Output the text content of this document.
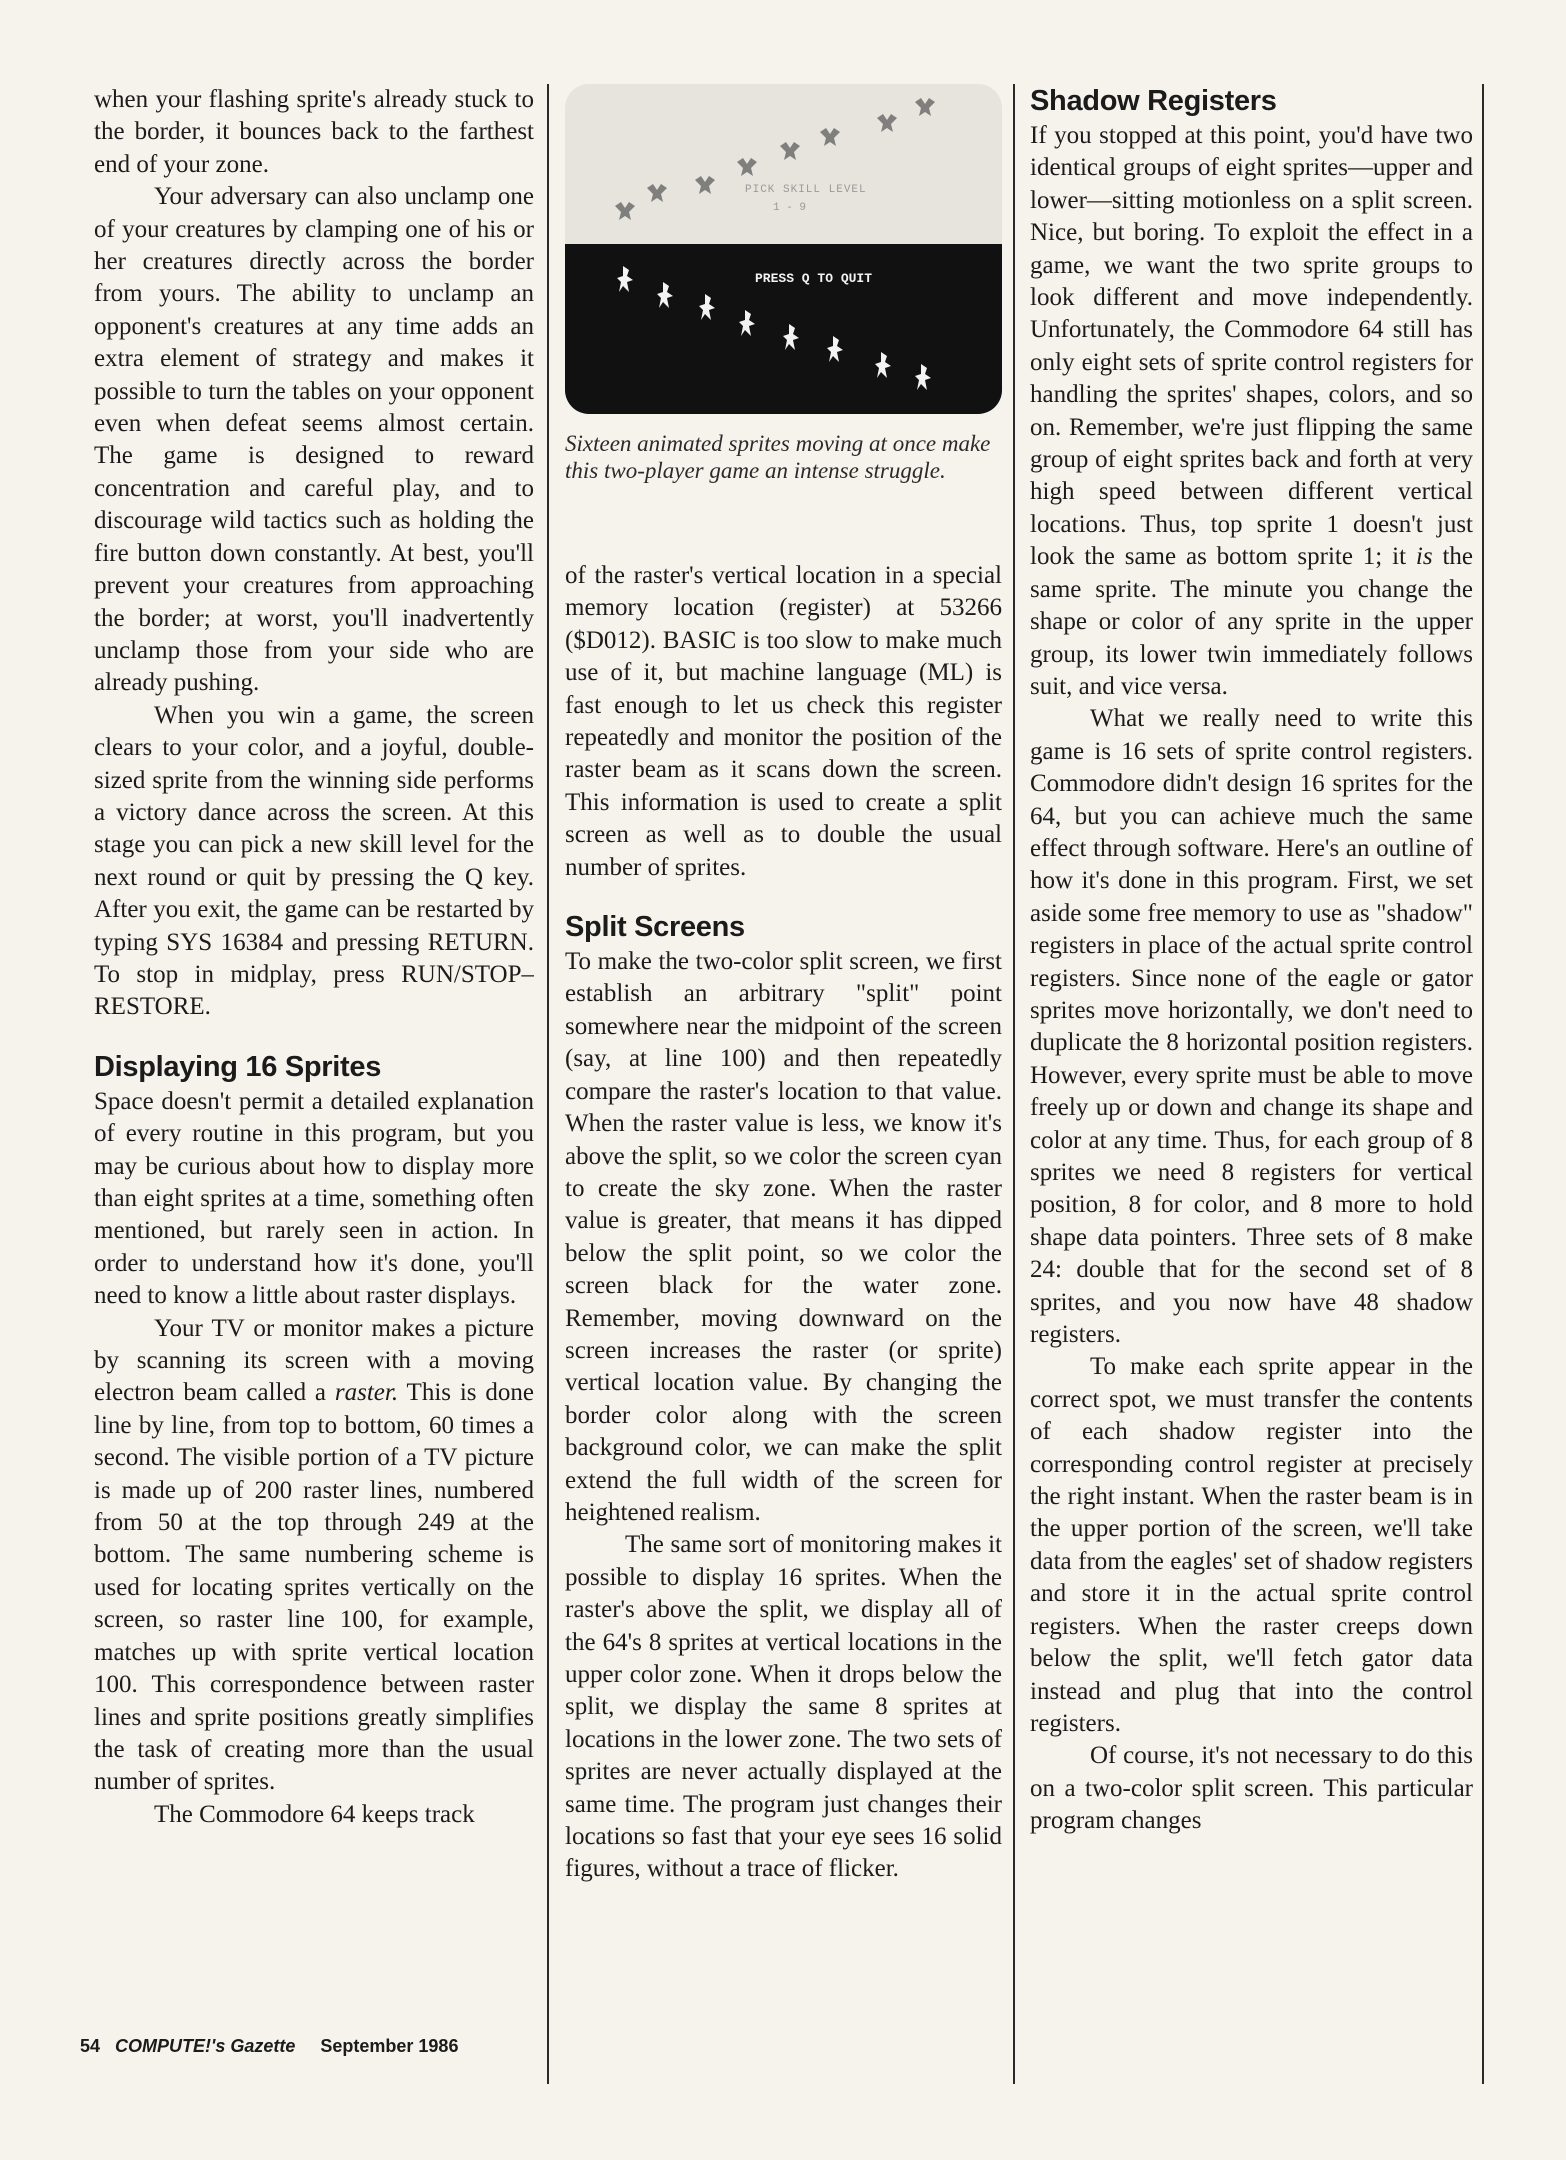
when your flashing sprite's already stuck to the border, it bounces back to the farthest end of your zone.

Your adversary can also unclamp one of your creatures by clamping one of his or her creatures directly across the border from yours. The ability to unclamp an opponent's creatures at any time adds an extra element of strategy and makes it possible to turn the tables on your opponent even when defeat seems almost certain. The game is designed to reward concentration and careful play, and to discourage wild tactics such as holding the fire button down constantly. At best, you'll prevent your creatures from approaching the border; at worst, you'll inadvertently unclamp those from your side who are already pushing.

When you win a game, the screen clears to your color, and a joyful, double-sized sprite from the winning side performs a victory dance across the screen. At this stage you can pick a new skill level for the next round or quit by pressing the Q key. After you exit, the game can be restarted by typing SYS 16384 and pressing RETURN. To stop in midplay, press RUN/STOP–RESTORE.

Displaying 16 Sprites

Space doesn't permit a detailed explanation of every routine in this program, but you may be curious about how to display more than eight sprites at a time, something often mentioned, but rarely seen in action. In order to understand how it's done, you'll need to know a little about raster displays.

Your TV or monitor makes a picture by scanning its screen with a moving electron beam called a raster. This is done line by line, from top to bottom, 60 times a second. The visible portion of a TV picture is made up of 200 raster lines, numbered from 50 at the top through 249 at the bottom. The same numbering scheme is used for locating sprites vertically on the screen, so raster line 100, for example, matches up with sprite vertical location 100. This correspondence between raster lines and sprite positions greatly simplifies the task of creating more than the usual number of sprites.

The Commodore 64 keeps track

PICK SKILL LEVEL
1 - 9
PRESS Q TO QUIT
Sixteen animated sprites moving at once make this two-player game an intense struggle.

of the raster's vertical location in a special memory location (register) at 53266 ($D012). BASIC is too slow to make much use of it, but machine language (ML) is fast enough to let us check this register repeatedly and monitor the position of the raster beam as it scans down the screen. This information is used to create a split screen as well as to double the usual number of sprites.

Split Screens

To make the two-color split screen, we first establish an arbitrary "split" point somewhere near the midpoint of the screen (say, at line 100) and then repeatedly compare the raster's location to that value. When the raster value is less, we know it's above the split, so we color the screen cyan to create the sky zone. When the raster value is greater, that means it has dipped below the split point, so we color the screen black for the water zone. Remember, moving downward on the screen increases the raster (or sprite) vertical location value. By changing the border color along with the screen background color, we can make the split extend the full width of the screen for heightened realism.

The same sort of monitoring makes it possible to display 16 sprites. When the raster's above the split, we display all of the 64's 8 sprites at vertical locations in the upper color zone. When it drops below the split, we display the same 8 sprites at locations in the lower zone. The two sets of sprites are never actually displayed at the same time. The program just changes their locations so fast that your eye sees 16 solid figures, without a trace of flicker.

Shadow Registers

If you stopped at this point, you'd have two identical groups of eight sprites—upper and lower—sitting motionless on a split screen. Nice, but boring. To exploit the effect in a game, we want the two sprite groups to look different and move independently. Unfortunately, the Commodore 64 still has only eight sets of sprite control registers for handling the sprites' shapes, colors, and so on. Remember, we're just flipping the same group of eight sprites back and forth at very high speed between different vertical locations. Thus, top sprite 1 doesn't just look the same as bottom sprite 1; it is the same sprite. The minute you change the shape or color of any sprite in the upper group, its lower twin immediately follows suit, and vice versa.

What we really need to write this game is 16 sets of sprite control registers. Commodore didn't design 16 sprites for the 64, but you can achieve much the same effect through software. Here's an outline of how it's done in this program. First, we set aside some free memory to use as "shadow" registers in place of the actual sprite control registers. Since none of the eagle or gator sprites move horizontally, we don't need to duplicate the 8 horizontal position registers. However, every sprite must be able to move freely up or down and change its shape and color at any time. Thus, for each group of 8 sprites we need 8 registers for vertical position, 8 for color, and 8 more to hold shape data pointers. Three sets of 8 make 24: double that for the second set of 8 sprites, and you now have 48 shadow registers.

To make each sprite appear in the correct spot, we must transfer the contents of each shadow register into the corresponding control register at precisely the right instant. When the raster beam is in the upper portion of the screen, we'll take data from the eagles' set of shadow registers and store it in the actual sprite control registers. When the raster creeps down below the split, we'll fetch gator data instead and plug that into the control registers.

Of course, it's not necessary to do this on a two-color split screen. This particular program changes

54 COMPUTE!'s Gazette September 1986
